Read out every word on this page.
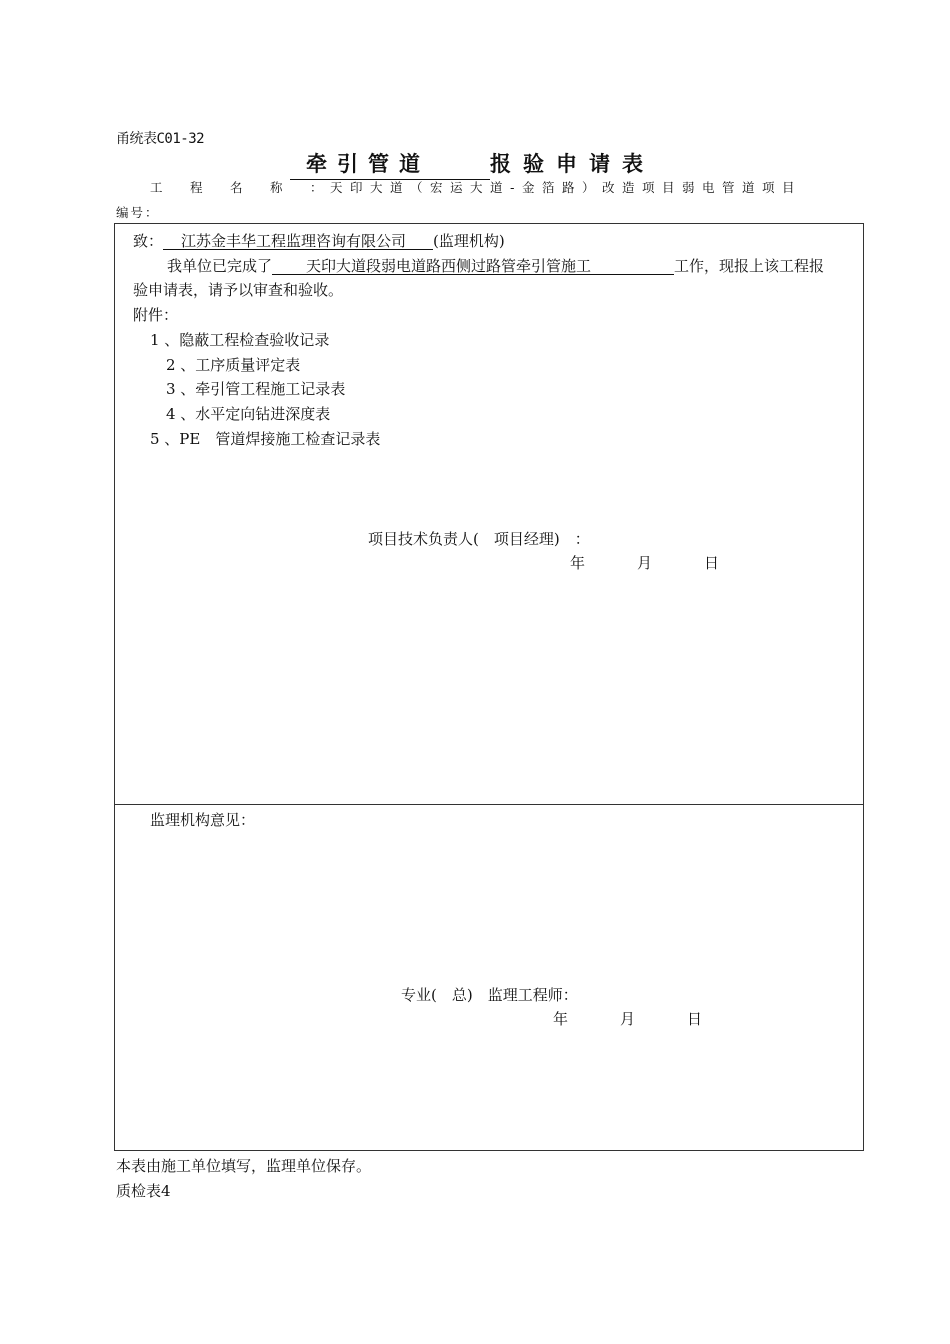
甬统表C01-32
牵引管道	报验申请表
工　程　名　称　：天印大道（宏运大道-金箔路）改造项目弱电管道项目
编号：
致： 江苏金丰华工程监理咨询有限公司 (监理机构)
我单位已完成了 天印大道段弱电道路西侧过路管牵引管施工	工作，现报上该工程报
验申请表，请予以审查和验收。
附件：
1 、隐蔽工程检查验收记录
2 、工序质量评定表
3 、牵引管工程施工记录表
4 、水平定向钻进深度表
5 、PE　管道焊接施工检查记录表
项目技术负责人(　项目经理)　：
年	月	日
监理机构意见：
专业(　总)　监理工程师：
年	月	日
本表由施工单位填写，监理单位保存。
质检表4
